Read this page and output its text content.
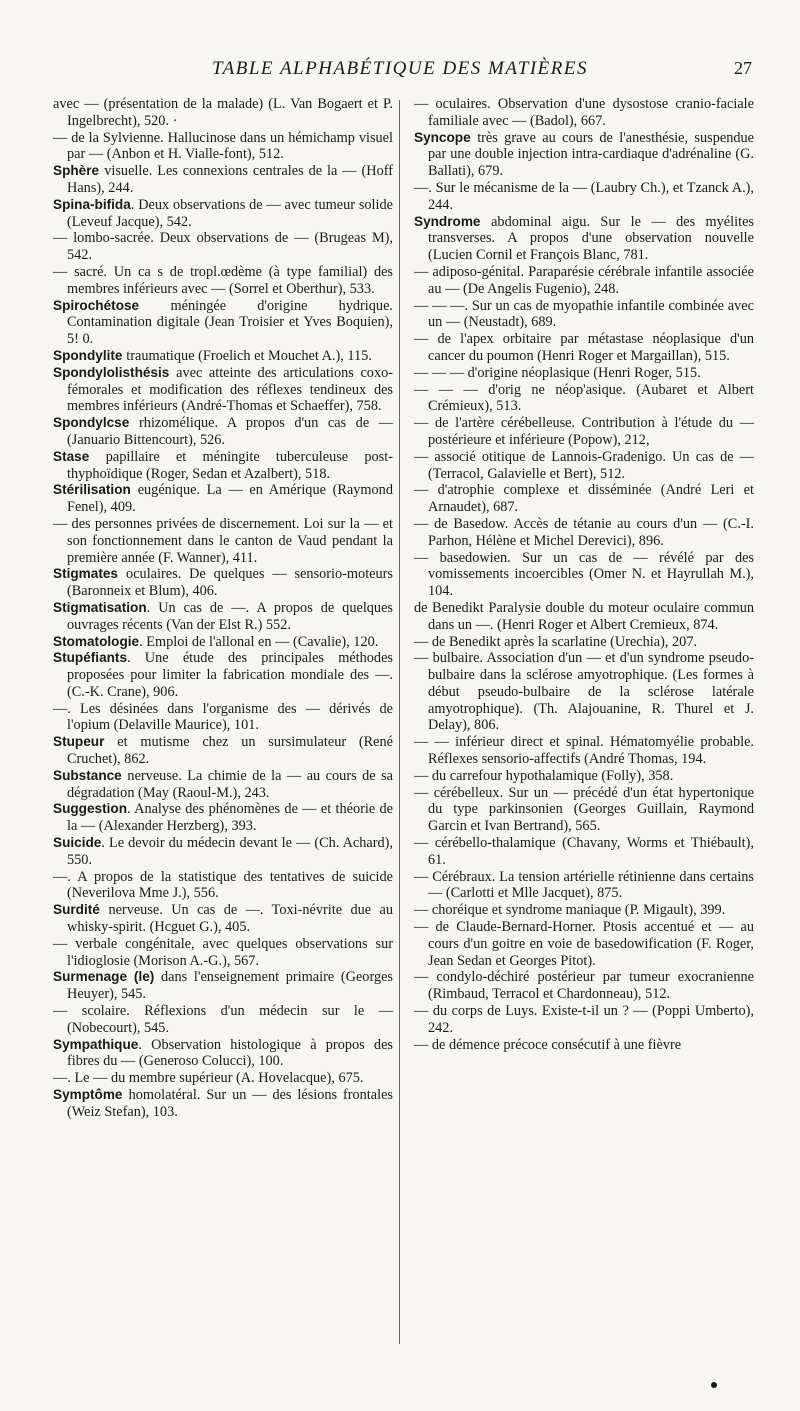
TABLE ALPHABÉTIQUE DES MATIÈRES	27

avec — (présentation de la malade) (L. Van Bogaert et P. Ingelbrecht), 520. ·

— de la Sylvienne. Hallucinose dans un hémichamp visuel par — (Anbon et H. Vialle-font), 512.

Sphère visuelle. Les connexions centrales de la — (Hoff Hans), 244.

Spina-bifida. Deux observations de — avec tumeur solide (Leveuf Jacque), 542.

— lombo-sacrée. Deux observations de — (Brugeas M), 542.

— sacré. Un ca s de tropl.œdème (à type familial) des membres inférieurs avec — (Sorrel et Oberthur), 533.

Spirochétose méningée d'origine hydrique. Contamination digitale (Jean Troisier et Yves Boquien), 5! 0.

Spondylite traumatique (Froelich et Mouchet A.), 115.

Spondylolisthésis avec atteinte des articulations coxo-fémorales et modification des réflexes tendineux des membres inférieurs (André-Thomas et Schaeffer), 758.

Spondylcse rhizomélique. A propos d'un cas de — (Januario Bittencourt), 526.

Stase papillaire et méningite tuberculeuse post-thyphoïdique (Roger, Sedan et Azalbert), 518.

Stérilisation eugénique. La — en Amérique (Raymond Fenel), 409.

— des personnes privées de discernement. Loi sur la — et son fonctionnement dans le canton de Vaud pendant la première année (F. Wanner), 411.

Stigmates oculaires. De quelques — sensorio-moteurs (Baronneix et Blum), 406.

Stigmatisation. Un cas de —. A propos de quelques ouvrages récents (Van der Elst R.) 552.

Stomatologie. Emploi de l'allonal en — (Cavalie), 120.

Stupéfiants. Une étude des principales méthodes proposées pour limiter la fabrication mondiale des —. (C.-K. Crane), 906.

—. Les désinées dans l'organisme des — dérivés de l'opium (Delaville Maurice), 101.

Stupeur et mutisme chez un sursimulateur (René Cruchet), 862.

Substance nerveuse. La chimie de la — au cours de sa dégradation (May (Raoul-M.), 243.

Suggestion. Analyse des phénomènes de — et théorie de la — (Alexander Herzberg), 393.

Suicide. Le devoir du médecin devant le — (Ch. Achard), 550.

—. A propos de la statistique des tentatives de suicide (Neverilova Mme J.), 556.

Surdité nerveuse. Un cas de —. Toxi-névrite due au whisky-spirit. (Hcguet G.), 405.

— verbale congénitale, avec quelques observations sur l'idioglosie (Morison A.-G.), 567.

Surmenage (le) dans l'enseignement primaire (Georges Heuyer), 545.

— scolaire. Réflexions d'un médecin sur le — (Nobecourt), 545.

Sympathique. Observation histologique à propos des fibres du — (Generoso Colucci), 100.

—. Le — du membre supérieur (A. Hovelacque), 675.

Symptôme homolatéral. Sur un — des lésions frontales (Weiz Stefan), 103.

— oculaires. Observation d'une dysostose cranio-faciale familiale avec — (Badol), 667.

Syncope très grave au cours de l'anesthésie, suspendue par une double injection intra-cardiaque d'adrénaline (G. Ballati), 679.

—. Sur le mécanisme de la — (Laubry Ch.), et Tzanck A.), 244.

Syndrome abdominal aigu. Sur le — des myélites transverses. A propos d'une observation nouvelle (Lucien Cornil et François Blanc, 781.

— adiposo-génital. Paraparésie cérébrale infantile associée au — (De Angelis Fugenio), 248.

— — —. Sur un cas de myopathie infantile combinée avec un — (Neustadt), 689.

— de l'apex orbitaire par métastase néoplasique d'un cancer du poumon (Henri Roger et Margaillan), 515.

— — — d'origine néoplasique (Henri Roger, 515.

— — — d'orig ne néop'asique. (Aubaret et Albert Crémieux), 513.

— de l'artère cérébelleuse. Contribution à l'étude du — postérieure et inférieure (Popow), 212,

— associé otitique de Lannois-Gradenigo. Un cas de — (Terracol, Galavielle et Bert), 512.

— d'atrophie complexe et disséminée (André Leri et Arnaudet), 687.

— de Basedow. Accès de tétanie au cours d'un — (C.-I. Parhon, Hélène et Michel Derevici), 896.

— basedowien. Sur un cas de — révélé par des vomissements incoercibles (Omer N. et Hayrullah M.), 104.

de Benedikt Paralysie double du moteur oculaire commun dans un —. (Henri Roger et Albert Cremieux, 874.

— de Benedikt après la scarlatine (Urechia), 207.

— bulbaire. Association d'un — et d'un syndrome pseudo-bulbaire dans la sclérose amyotrophique. (Les formes à début pseudo-bulbaire de la sclérose latérale amyotrophique). (Th. Alajouanine, R. Thurel et J. Delay), 806.

— — inférieur direct et spinal. Hématomyélie probable. Réflexes sensorio-affectifs (André Thomas, 194.

— du carrefour hypothalamique (Folly), 358.

— cérébelleux. Sur un — précédé d'un état hypertonique du type parkinsonien (Georges Guillain, Raymond Garcin et Ivan Bertrand), 565.

— cérébello-thalamique (Chavany, Worms et Thiébault), 61.

— Cérébraux. La tension artérielle rétinienne dans certains — (Carlotti et Mlle Jacquet), 875.

— choréique et syndrome maniaque (P. Migault), 399.

— de Claude-Bernard-Horner. Ptosis accentué et — au cours d'un goitre en voie de basedowification (F. Roger, Jean Sedan et Georges Pitot).

— condylo-déchiré postérieur par tumeur exocranienne (Rimbaud, Terracol et Chardonneau), 512.

— du corps de Luys. Existe-t-il un ? — (Poppi Umberto), 242.

— de démence précoce consécutif à une fièvre
